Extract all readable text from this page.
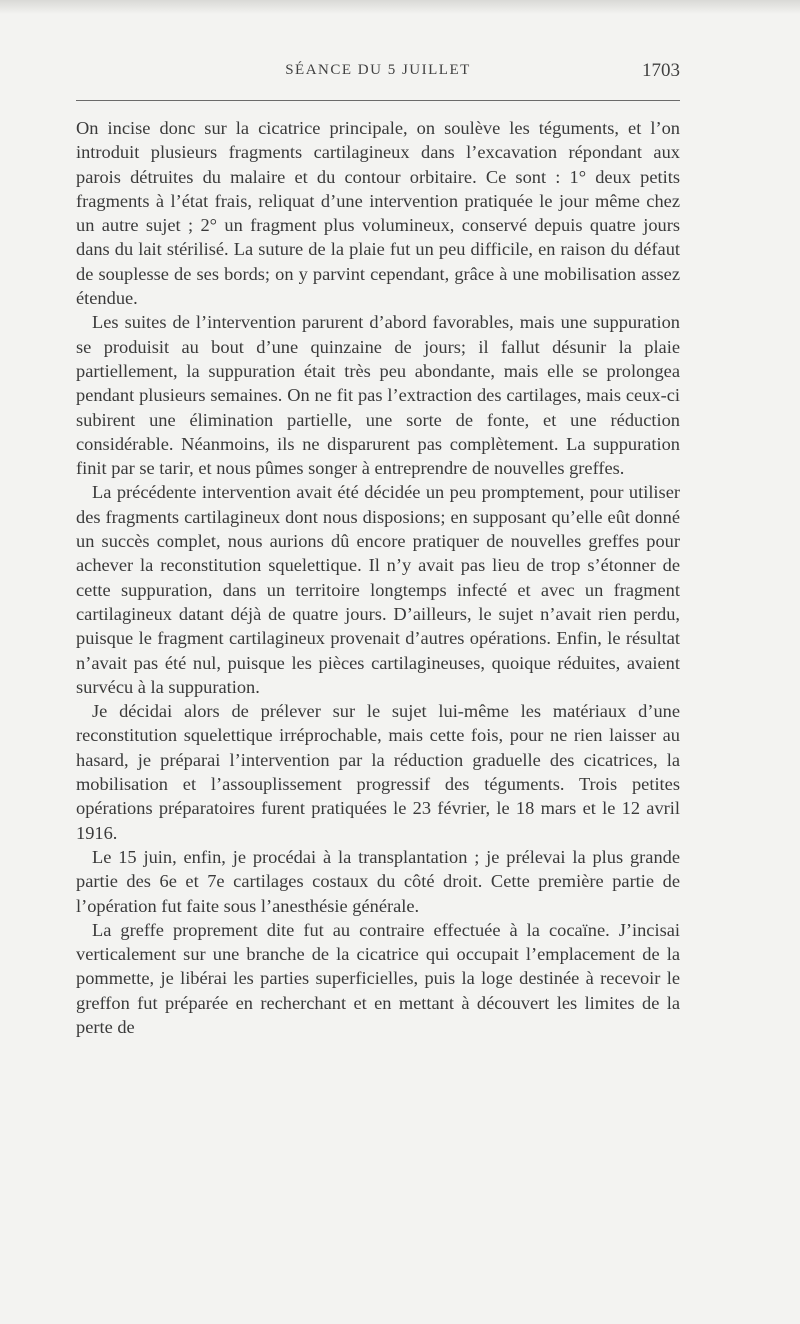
SÉANCE DU 5 JUILLET	1703

On incise donc sur la cicatrice principale, on soulève les téguments, et l’on introduit plusieurs fragments cartilagineux dans l’excavation répondant aux parois détruites du malaire et du contour orbitaire. Ce sont : 1° deux petits fragments à l’état frais, reliquat d’une intervention pratiquée le jour même chez un autre sujet ; 2° un fragment plus volumineux, conservé depuis quatre jours dans du lait stérilisé. La suture de la plaie fut un peu difficile, en raison du défaut de souplesse de ses bords; on y parvint cependant, grâce à une mobilisation assez étendue.

Les suites de l’intervention parurent d’abord favorables, mais une suppuration se produisit au bout d’une quinzaine de jours; il fallut désunir la plaie partiellement, la suppuration était très peu abondante, mais elle se prolongea pendant plusieurs semaines. On ne fit pas l’extraction des cartilages, mais ceux-ci subirent une élimination partielle, une sorte de fonte, et une réduction considérable. Néanmoins, ils ne disparurent pas complètement. La suppuration finit par se tarir, et nous pûmes songer à entreprendre de nouvelles greffes.

La précédente intervention avait été décidée un peu promptement, pour utiliser des fragments cartilagineux dont nous disposions; en supposant qu’elle eût donné un succès complet, nous aurions dû encore pratiquer de nouvelles greffes pour achever la reconstitution squelettique. Il n’y avait pas lieu de trop s’étonner de cette suppuration, dans un territoire longtemps infecté et avec un fragment cartilagineux datant déjà de quatre jours. D’ailleurs, le sujet n’avait rien perdu, puisque le fragment cartilagineux provenait d’autres opérations. Enfin, le résultat n’avait pas été nul, puisque les pièces cartilagineuses, quoique réduites, avaient survécu à la suppuration.

Je décidai alors de prélever sur le sujet lui-même les matériaux d’une reconstitution squelettique irréprochable, mais cette fois, pour ne rien laisser au hasard, je préparai l’intervention par la réduction graduelle des cicatrices, la mobilisation et l’assouplissement progressif des téguments. Trois petites opérations préparatoires furent pratiquées le 23 février, le 18 mars et le 12 avril 1916.

Le 15 juin, enfin, je procédai à la transplantation ; je prélevai la plus grande partie des 6e et 7e cartilages costaux du côté droit. Cette première partie de l’opération fut faite sous l’anesthésie générale.

La greffe proprement dite fut au contraire effectuée à la cocaïne. J’incisai verticalement sur une branche de la cicatrice qui occupait l’emplacement de la pommette, je libérai les parties superficielles, puis la loge destinée à recevoir le greffon fut préparée en recherchant et en mettant à découvert les limites de la perte de
